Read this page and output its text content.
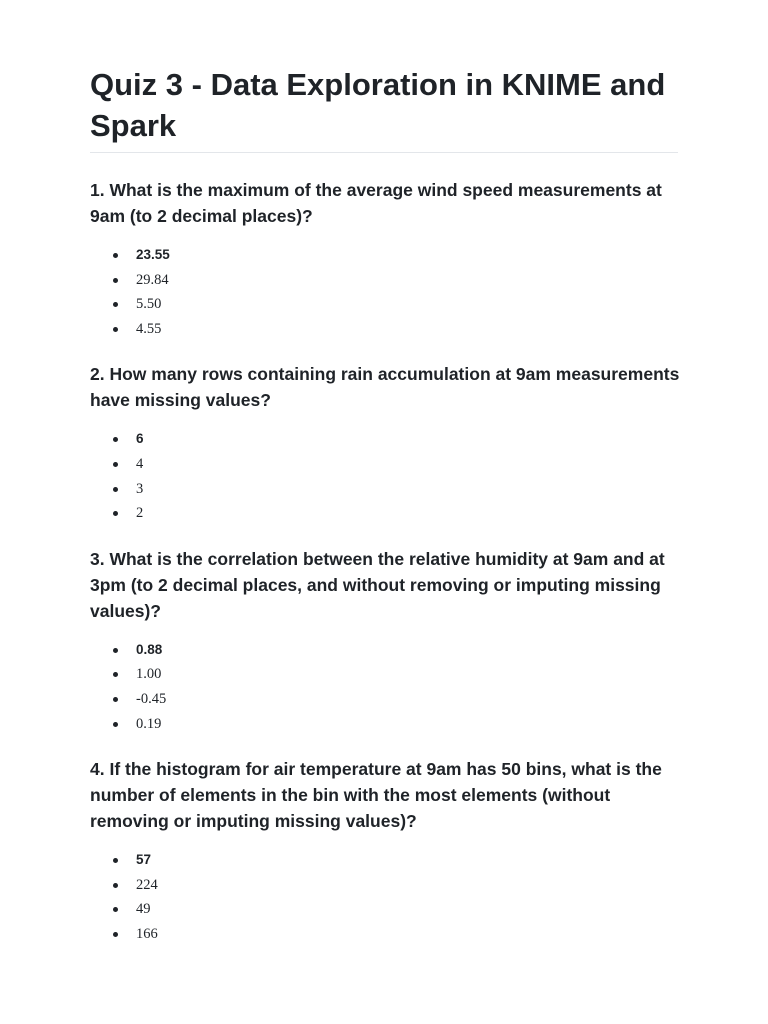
Quiz 3 - Data Exploration in KNIME and Spark

1. What is the maximum of the average wind speed measurements at 9am (to 2 decimal places)?

23.55
29.84
5.50
4.55

2. How many rows containing rain accumulation at 9am measurements have missing values?

6
4
3
2

3. What is the correlation between the relative humidity at 9am and at 3pm (to 2 decimal places, and without removing or imputing missing values)?

0.88
1.00
-0.45
0.19

4. If the histogram for air temperature at 9am has 50 bins, what is the number of elements in the bin with the most elements (without removing or imputing missing values)?

57
224
49
166
